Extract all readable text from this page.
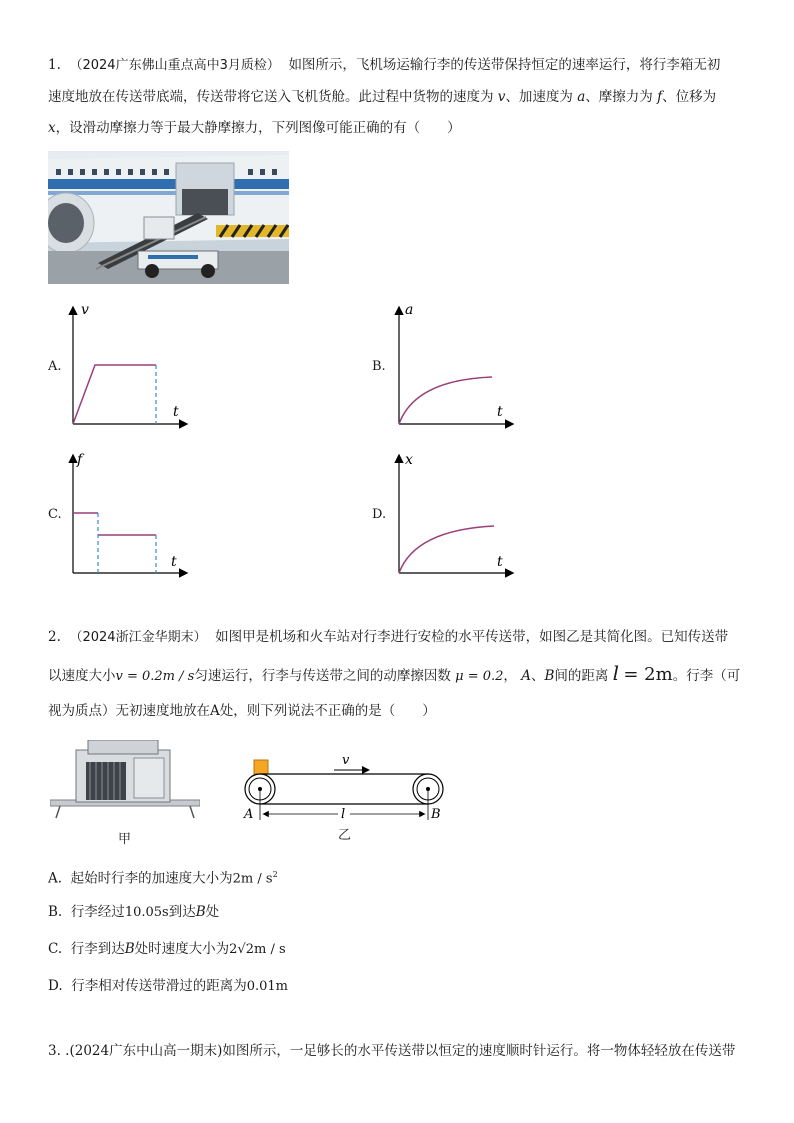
1. （2024广东佛山重点高中3月质检） 如图所示，飞机场运输行李的传送带保持恒定的速率运行，将行李箱无初
速度地放在传送带底端，传送带将它送入飞机货舱。此过程中货物的速度为 v、加速度为 a、摩擦力为 f、位移为
x，设滑动摩擦力等于最大静摩擦力，下列图像可能正确的有（　　）
v
t
A.
a
t
B.
f
t
C.
x
t
D.
2. （2024浙江金华期末） 如图甲是机场和火车站对行李进行安检的水平传送带，如图乙是其简化图。已知传送带
以速度大小v = 0.2m / s匀速运行，行李与传送带之间的动摩擦因数 μ = 0.2， A、B间的距离 l = 2m。行李（可
视为质点）无初速度地放在A处，则下列说法不正确的是（　　）
甲
v
A	B
l
乙
A. 起始时行李的加速度大小为$2m / s^2$
B. 行李经过10.05s到达B处
C. 行李到达B处时速度大小为2√2m / s
D. 行李相对传送带滑过的距离为0.01m
3. .(2024广东中山高一期末)如图所示，一足够长的水平传送带以恒定的速度顺时针运行。将一物体轻轻放在传送带
